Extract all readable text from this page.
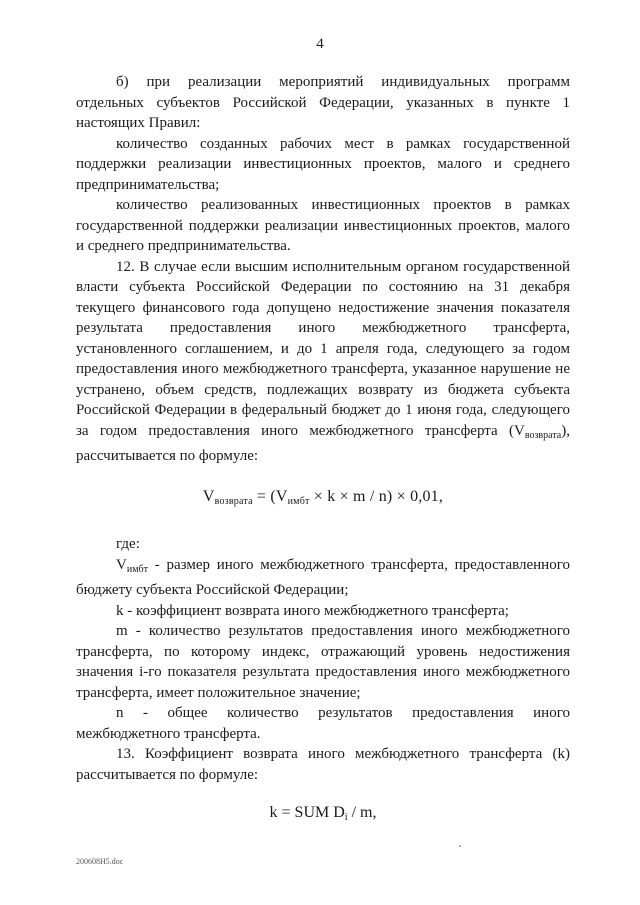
4

б) при реализации мероприятий индивидуальных программ отдельных субъектов Российской Федерации, указанных в пункте 1 настоящих Правил:

количество созданных рабочих мест в рамках государственной поддержки реализации инвестиционных проектов, малого и среднего предпринимательства;

количество реализованных инвестиционных проектов в рамках государственной поддержки реализации инвестиционных проектов, малого и среднего предпринимательства.

12. В случае если высшим исполнительным органом государственной власти субъекта Российской Федерации по состоянию на 31 декабря текущего финансового года допущено недостижение значения показателя результата предоставления иного межбюджетного трансферта, установленного соглашением, и до 1 апреля года, следующего за годом предоставления иного межбюджетного трансферта, указанное нарушение не устранено, объем средств, подлежащих возврату из бюджета субъекта Российской Федерации в федеральный бюджет до 1 июня года, следующего за годом предоставления иного межбюджетного трансферта $(V_{возврата})$, рассчитывается по формуле:

$V_{возврата} = (V_{имбт} \times k \times m / n) \times 0,01$,

где:

$V_{имбт}$ - размер иного межбюджетного трансферта, предоставленного бюджету субъекта Российской Федерации;

k - коэффициент возврата иного межбюджетного трансферта;

m - количество результатов предоставления иного межбюджетного трансферта, по которому индекс, отражающий уровень недостижения значения i-го показателя результата предоставления иного межбюджетного трансферта, имеет положительное значение;

n - общее количество результатов предоставления иного межбюджетного трансферта.

13. Коэффициент возврата иного межбюджетного трансферта (k) рассчитывается по формуле:

k = SUM $D_i$ / m,
200608H5.doc
